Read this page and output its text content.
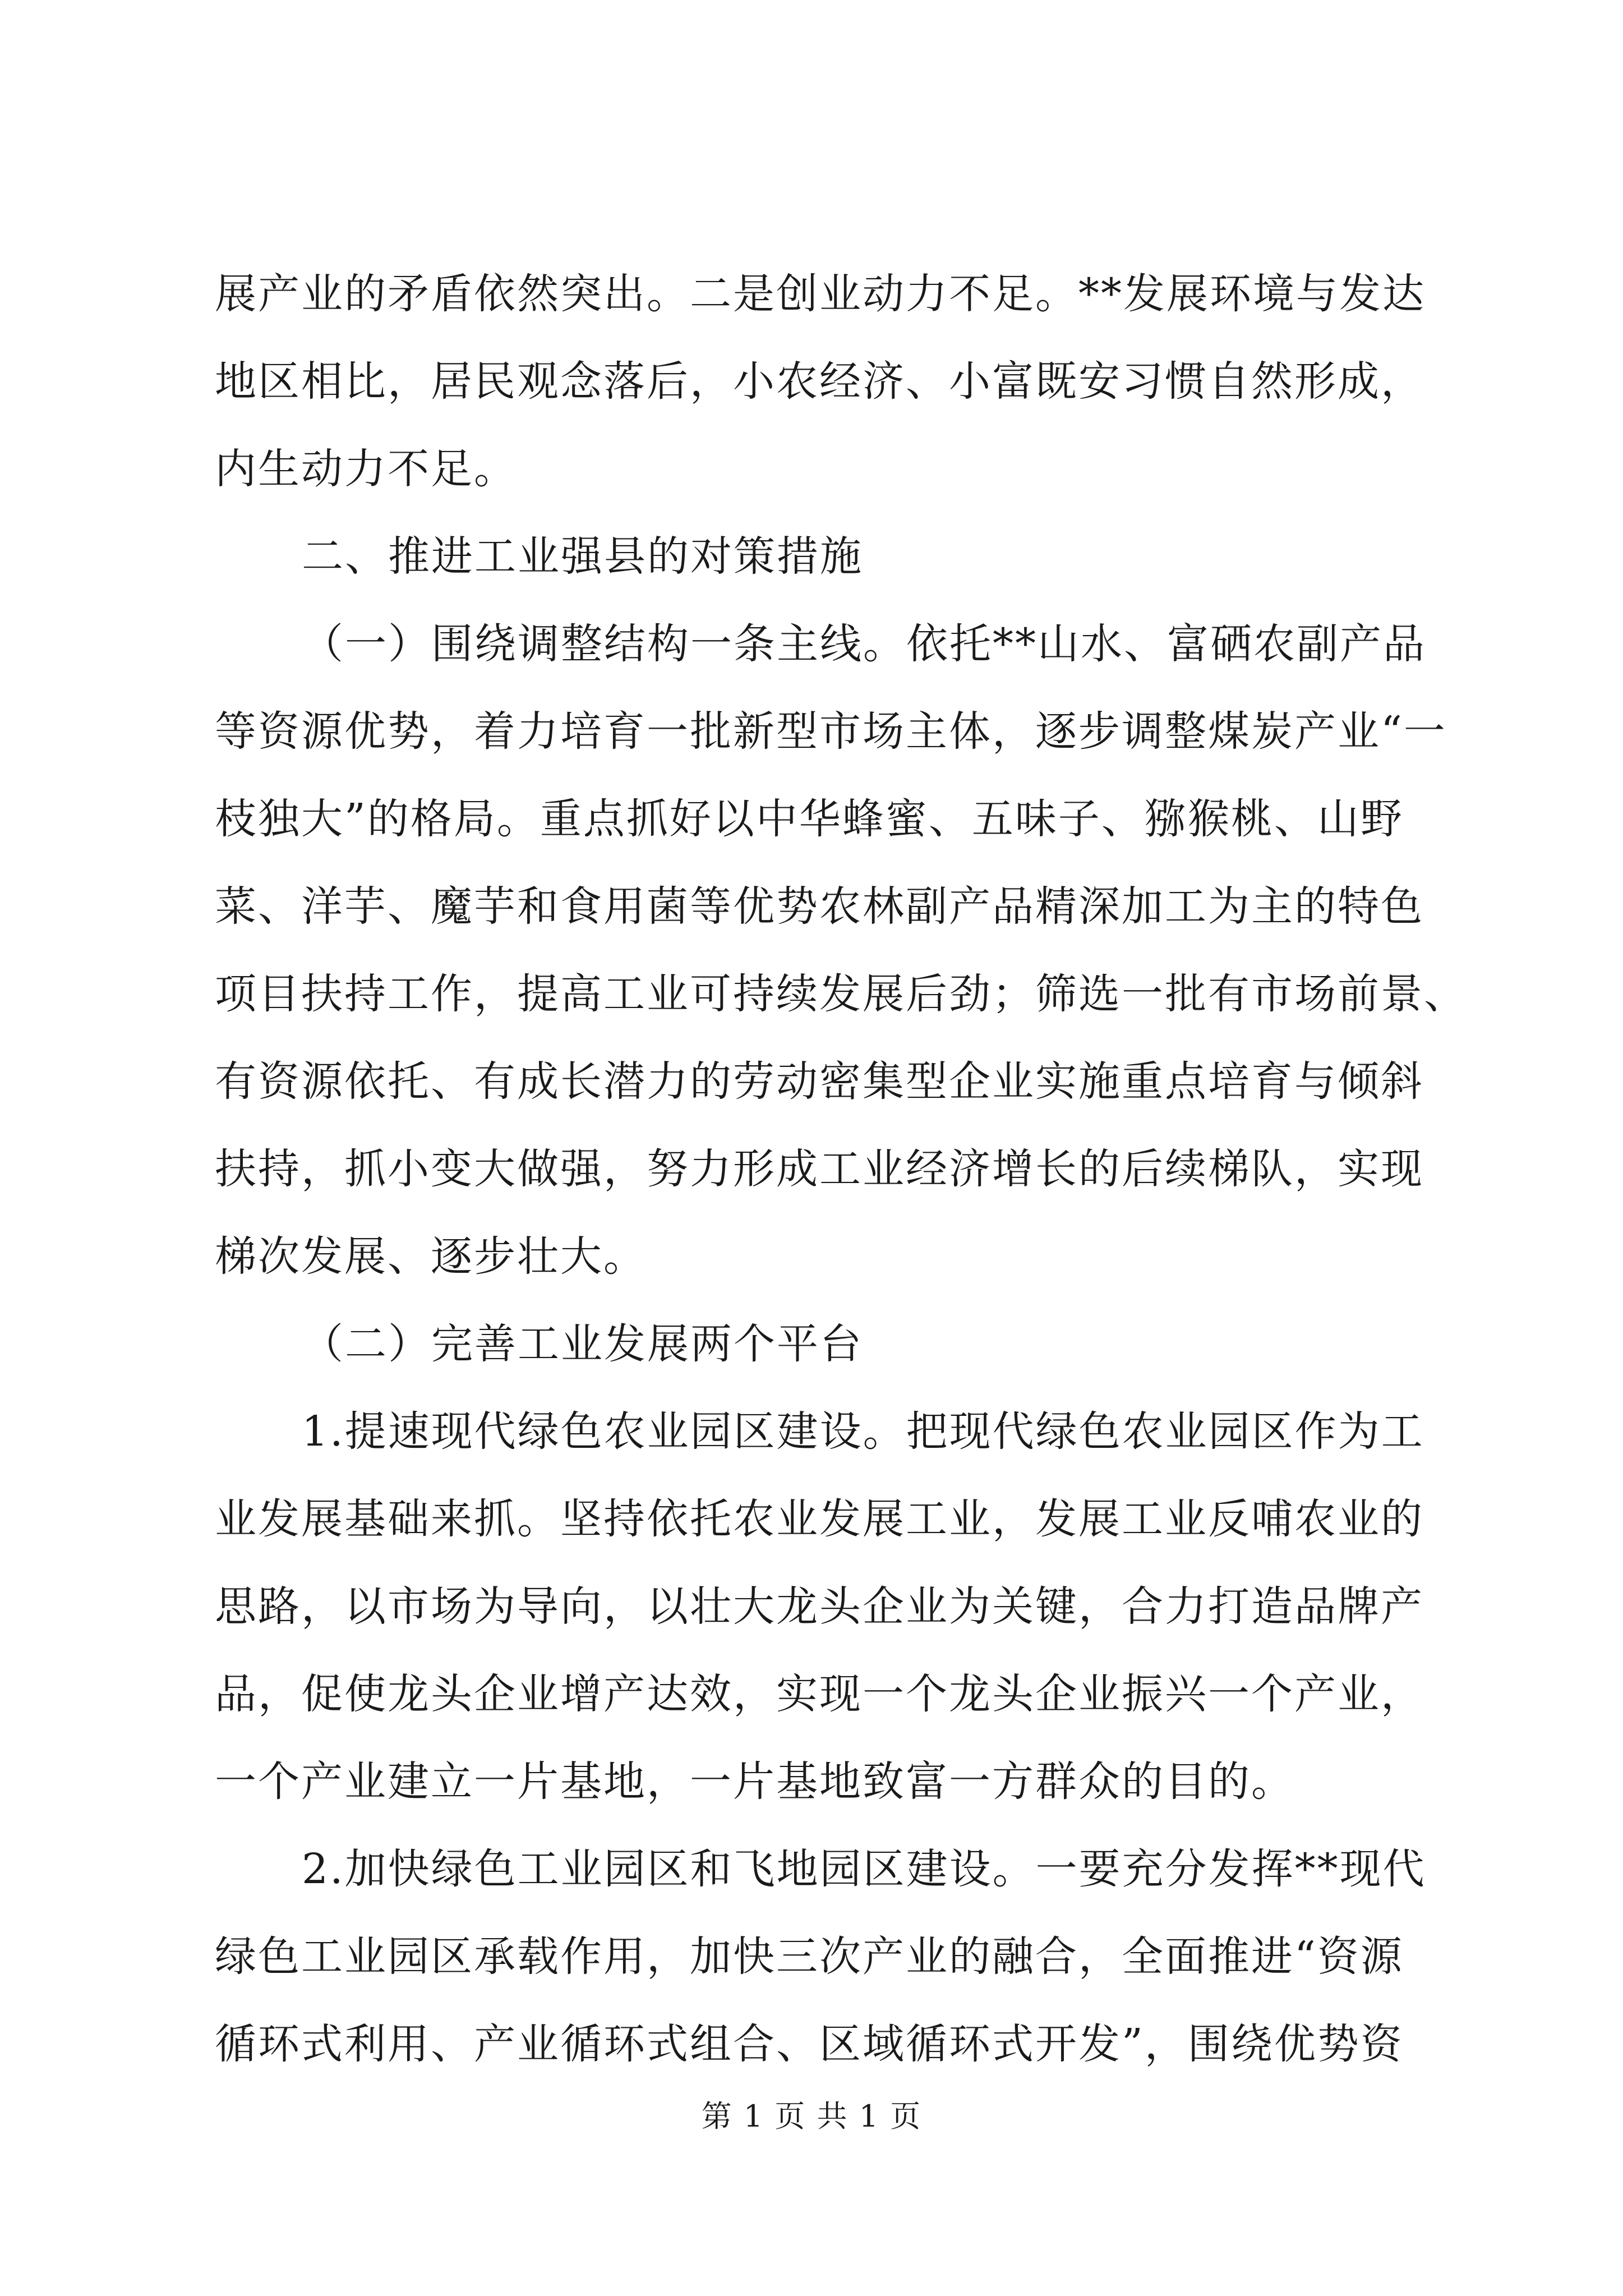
展产业的矛盾依然突出。二是创业动力不足。**发展环境与发达
地区相比，居民观念落后，小农经济、小富既安习惯自然形成，
内生动力不足。
二、推进工业强县的对策措施
（一）围绕调整结构一条主线。依托**山水、富硒农副产品
等资源优势，着力培育一批新型市场主体，逐步调整煤炭产业“一
枝独大”的格局。重点抓好以中华蜂蜜、五味子、猕猴桃、山野
菜、洋芋、魔芋和食用菌等优势农林副产品精深加工为主的特色
项目扶持工作，提高工业可持续发展后劲；筛选一批有市场前景、
有资源依托、有成长潜力的劳动密集型企业实施重点培育与倾斜
扶持，抓小变大做强，努力形成工业经济增长的后续梯队，实现
梯次发展、逐步壮大。
（二）完善工业发展两个平台
1.提速现代绿色农业园区建设。把现代绿色农业园区作为工
业发展基础来抓。坚持依托农业发展工业，发展工业反哺农业的
思路，以市场为导向，以壮大龙头企业为关键，合力打造品牌产
品，促使龙头企业增产达效，实现一个龙头企业振兴一个产业，
一个产业建立一片基地，一片基地致富一方群众的目的。
2.加快绿色工业园区和飞地园区建设。一要充分发挥**现代
绿色工业园区承载作用，加快三次产业的融合，全面推进“资源
循环式利用、产业循环式组合、区域循环式开发”，围绕优势资
第 1 页 共 1 页
